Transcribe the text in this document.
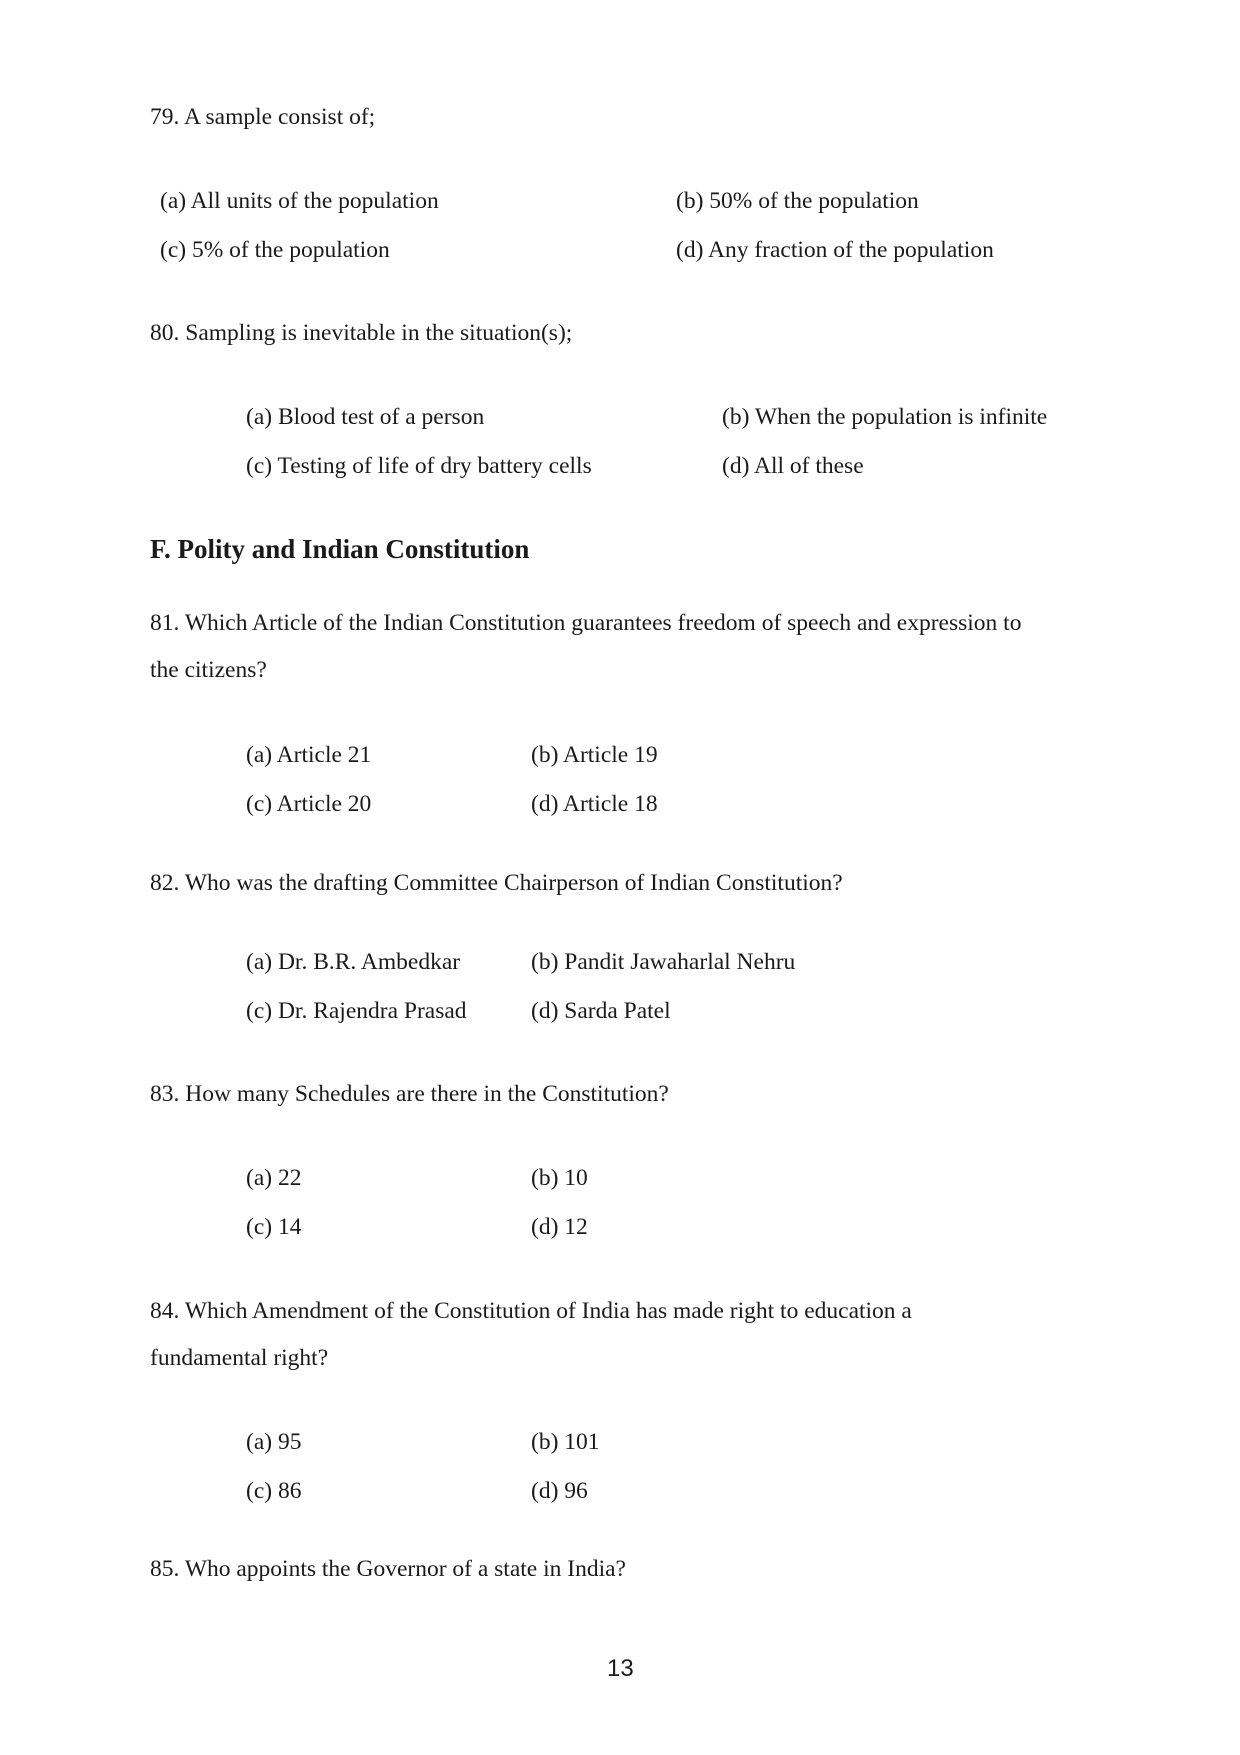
79. A sample consist of;

(a) All units of the population	(b) 50% of the population

(c) 5% of the population	(d) Any fraction of the population

80. Sampling is inevitable in the situation(s);

(a) Blood test of a person	(b) When the population is infinite

(c) Testing of life of dry battery cells	(d) All of these

F. Polity and Indian Constitution

81. Which Article of the Indian Constitution guarantees freedom of speech and expression to

the citizens?

(a) Article 21	(b) Article 19

(c) Article 20	(d) Article 18

82. Who was the drafting Committee Chairperson of Indian Constitution?

(a) Dr. B.R. Ambedkar	(b) Pandit Jawaharlal Nehru

(c) Dr. Rajendra Prasad	(d) Sarda Patel

83. How many Schedules are there in the Constitution?

(a) 22	(b) 10

(c) 14	(d) 12

84. Which Amendment of the Constitution of India has made right to education a

fundamental right?

(a) 95	(b) 101

(c) 86	(d) 96

85. Who appoints the Governor of a state in India?

13
